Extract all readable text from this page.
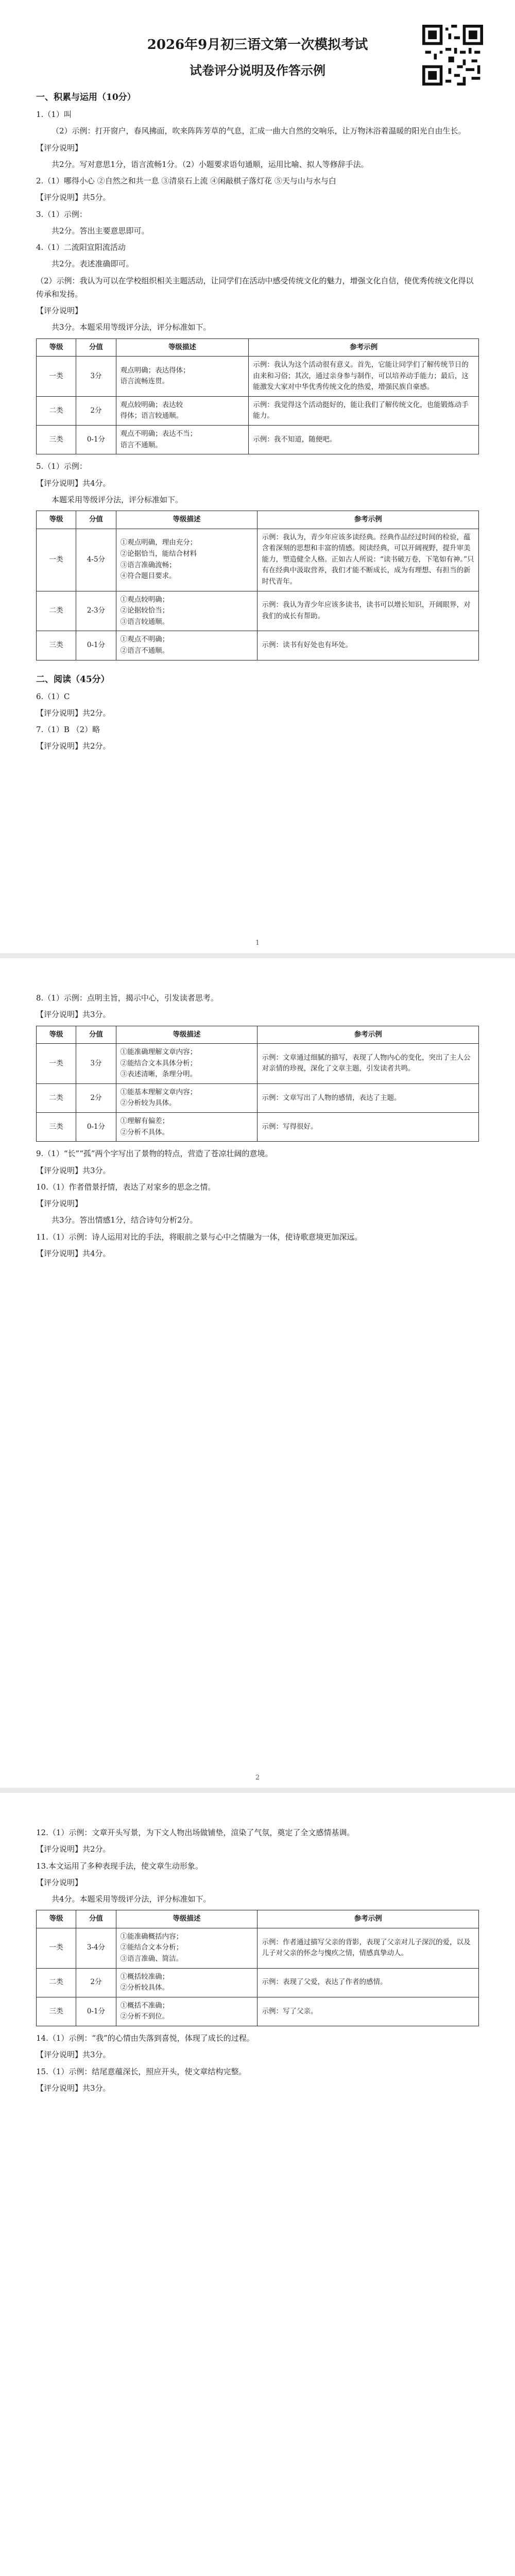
2026年9月初三语文第一次模拟考试
试卷评分说明及作答示例
一、积累与运用（10分）

1.（1）叫

（2）示例：打开窗户，春风拂面，吹来阵阵芳草的气息，汇成一曲大自然的交响乐，让万物沐浴着温暖的阳光自由生长。

【评分说明】

共2分。写对意思1分，语言流畅1分。（2）小题要求语句通顺，运用比喻、拟人等修辞手法。

2.（1）哪得小心 ②自然之和共一息 ③清泉石上流 ④闲敲棋子落灯花 ⑤天与山与水与白

【评分说明】共5分。

3.（1）示例：

共2分。答出主要意思即可。

4.（1）二流阳宣阳流活动

共2分。表述准确即可。

（2）示例：我认为可以在学校组织相关主题活动，让同学们在活动中感受传统文化的魅力，增强文化自信，使优秀传统文化得以传承和发扬。

【评分说明】

共3分。本题采用等级评分法，评分标准如下。

等级	分值	等级描述	参考示例
一类	3分	观点明确；表达得体；
语言流畅连贯。	示例：我认为这个活动很有意义。首先，它能让同学们了解传统节日的由来和习俗；其次，通过亲身参与制作，可以培养动手能力；最后，这能激发大家对中华优秀传统文化的热爱，增强民族自豪感。
二类	2分	观点较明确；表达较
得体；语言较通顺。	示例：我觉得这个活动挺好的，能让我们了解传统文化，也能锻炼动手能力。
三类	0-1分	观点不明确；表达不当；
语言不通顺。	示例：我不知道，随便吧。

5.（1）示例：

【评分说明】共4分。

本题采用等级评分法，评分标准如下。

等级	分值	等级描述	参考示例
一类	4-5分	①观点明确，理由充分；
②论据恰当，能结合材料
③语言准确流畅；
④符合题目要求。	示例：我认为，青少年应该多读经典。经典作品经过时间的检验，蕴含着深刻的思想和丰富的情感。阅读经典，可以开阔视野，提升审美能力，塑造健全人格。正如古人所说：“读书破万卷，下笔如有神。”只有在经典中汲取营养，我们才能不断成长，成为有理想、有担当的新时代青年。
二类	2-3分	①观点较明确；
②论据较恰当；
③语言较通顺。	示例：我认为青少年应该多读书，读书可以增长知识，开阔眼界，对我们的成长有帮助。
三类	0-1分	①观点不明确；
②语言不通顺。	示例：读书有好处也有坏处。
二、阅读（45分）

6.（1）C

【评分说明】共2分。

7.（1）B （2）略

【评分说明】共2分。

1

8.（1）示例：点明主旨，揭示中心，引发读者思考。

【评分说明】共3分。

等级	分值	等级描述	参考示例
一类	3分	①能准确理解文章内容；
②能结合文本具体分析；
③表述清晰，条理分明。	示例：文章通过细腻的描写，表现了人物内心的变化，突出了主人公对亲情的珍视，深化了文章主题，引发读者共鸣。
二类	2分	①能基本理解文章内容；
②分析较为具体。	示例：文章写出了人物的感情，表达了主题。
三类	0-1分	①理解有偏差；
②分析不具体。	示例：写得很好。

9.（1）“长”“孤”两个字写出了景物的特点，营造了苍凉壮阔的意境。

【评分说明】共3分。

10.（1）作者借景抒情，表达了对家乡的思念之情。

【评分说明】

共3分。答出情感1分，结合诗句分析2分。

11.（1）示例：诗人运用对比的手法，将眼前之景与心中之情融为一体，使诗歌意境更加深远。

【评分说明】共4分。

2

12.（1）示例：文章开头写景，为下文人物出场做铺垫，渲染了气氛，奠定了全文感情基调。

【评分说明】共2分。

13.本文运用了多种表现手法，使文章生动形象。

【评分说明】

共4分。本题采用等级评分法，评分标准如下。

等级	分值	等级描述	参考示例
一类	3-4分	①能准确概括内容；
②能结合文本分析；
③语言准确、简洁。	示例：作者通过描写父亲的背影，表现了父亲对儿子深沉的爱，以及儿子对父亲的怀念与愧疚之情，情感真挚动人。
二类	2分	①概括较准确；
②分析较具体。	示例：表现了父爱，表达了作者的感情。
三类	0-1分	①概括不准确；
②分析不到位。	示例：写了父亲。

14.（1）示例：“我”的心情由失落到喜悦，体现了成长的过程。

【评分说明】共3分。

15.（1）示例：结尾意蕴深长，照应开头，使文章结构完整。

【评分说明】共3分。
